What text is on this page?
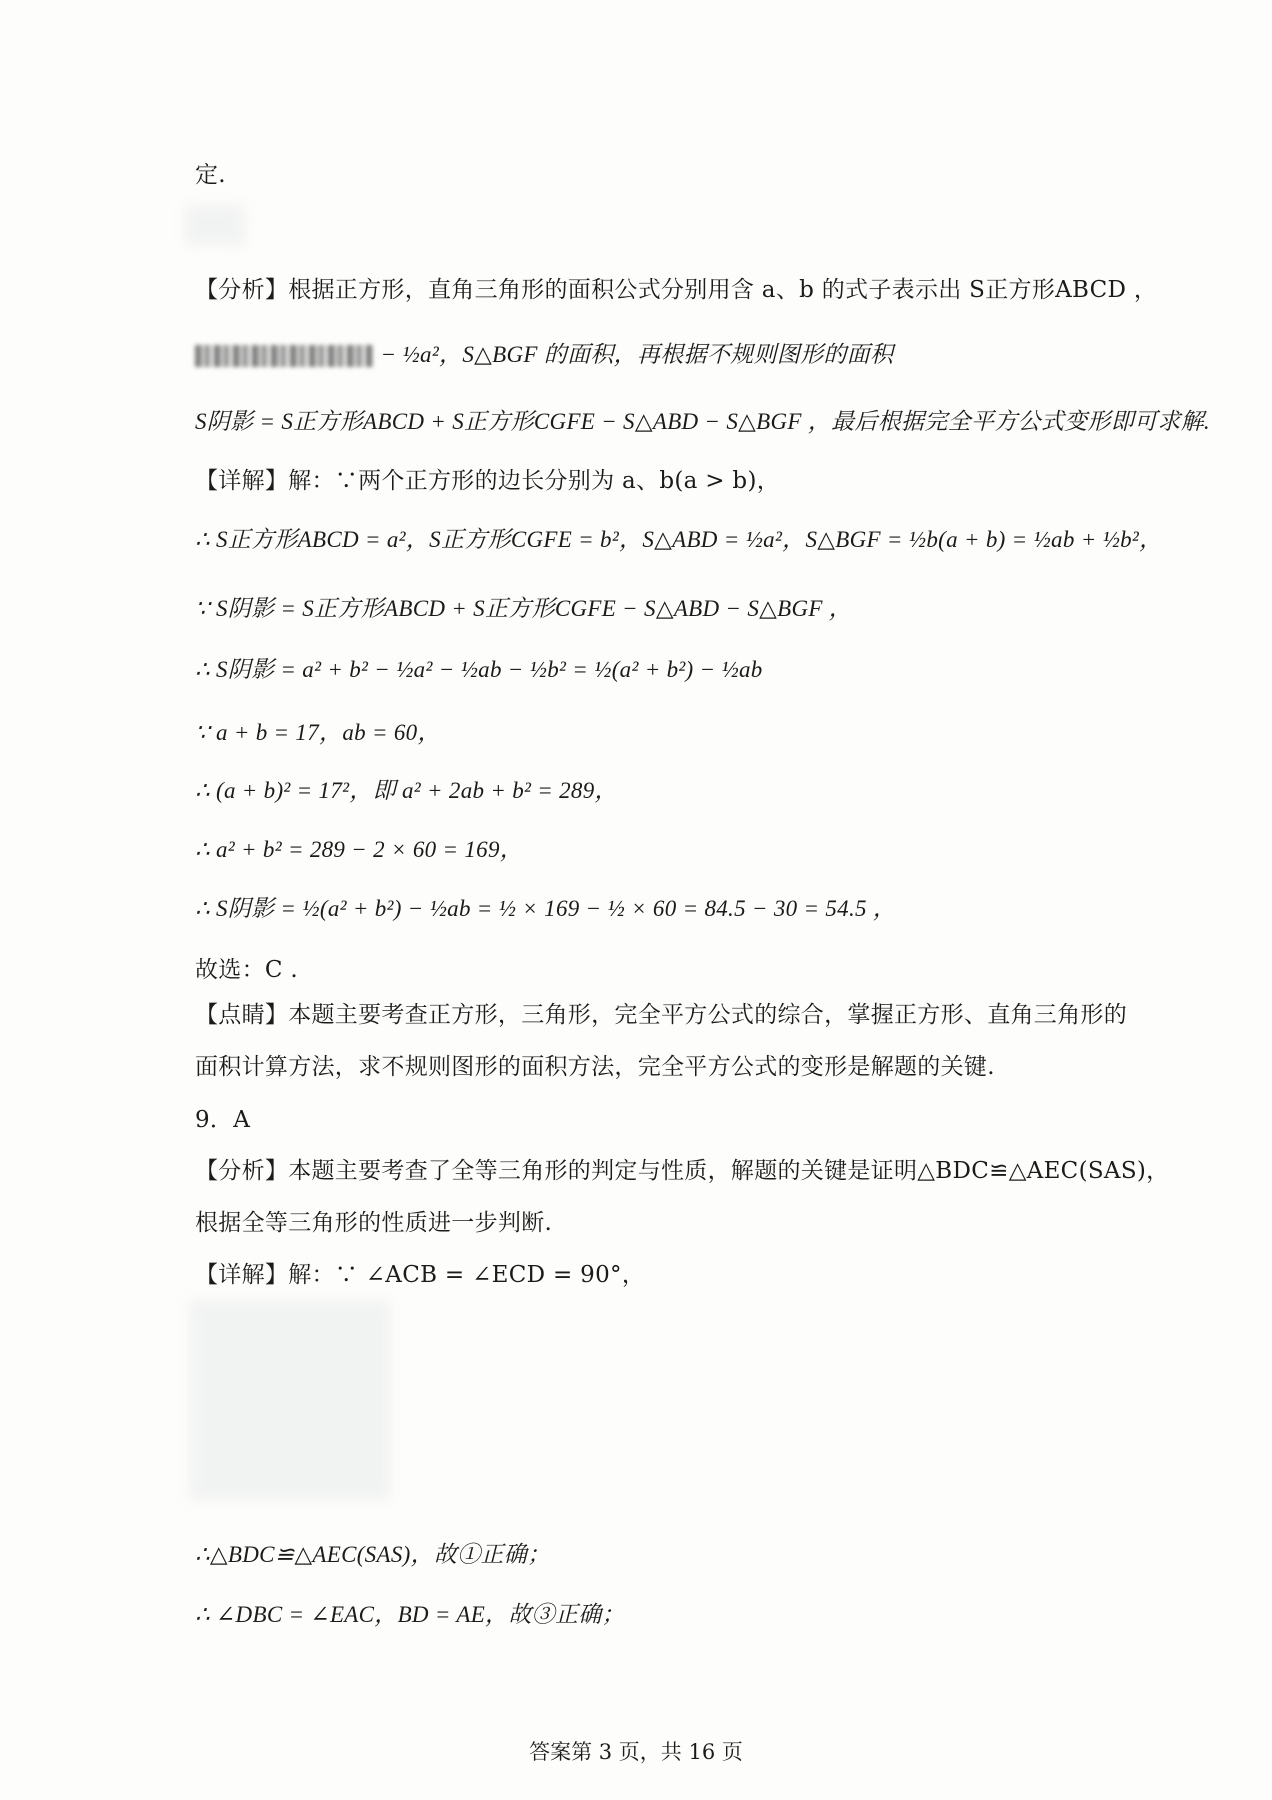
定.
【分析】根据正方形，直角三角形的面积公式分别用含 a、b 的式子表示出 S正方形ABCD ，
− ½a²，S△BGF 的面积，再根据不规则图形的面积
S阴影 = S正方形ABCD + S正方形CGFE − S△ABD − S△BGF ，最后根据完全平方公式变形即可求解.
【详解】解：∵两个正方形的边长分别为 a、b(a > b)，
∴ S正方形ABCD = a²，S正方形CGFE = b²，S△ABD = ½a²，S△BGF = ½b(a + b) = ½ab + ½b²，
∵ S阴影 = S正方形ABCD + S正方形CGFE − S△ABD − S△BGF ，
∴ S阴影 = a² + b² − ½a² − ½ab − ½b² = ½(a² + b²) − ½ab
∵ a + b = 17，ab = 60，
∴ (a + b)² = 17²，即 a² + 2ab + b² = 289，
∴ a² + b² = 289 − 2 × 60 = 169，
∴ S阴影 = ½(a² + b²) − ½ab = ½ × 169 − ½ × 60 = 84.5 − 30 = 54.5 ，
故选：C .
【点睛】本题主要考查正方形，三角形，完全平方公式的综合，掌握正方形、直角三角形的
面积计算方法，求不规则图形的面积方法，完全平方公式的变形是解题的关键.
9．A
【分析】本题主要考查了全等三角形的判定与性质，解题的关键是证明△BDC≌△AEC(SAS)，
根据全等三角形的性质进一步判断.
【详解】解：∵ ∠ACB = ∠ECD = 90°，
∴△BDC≌△AEC(SAS)，故①正确；
∴ ∠DBC = ∠EAC，BD = AE，故③正确；
答案第 3 页，共 16 页
